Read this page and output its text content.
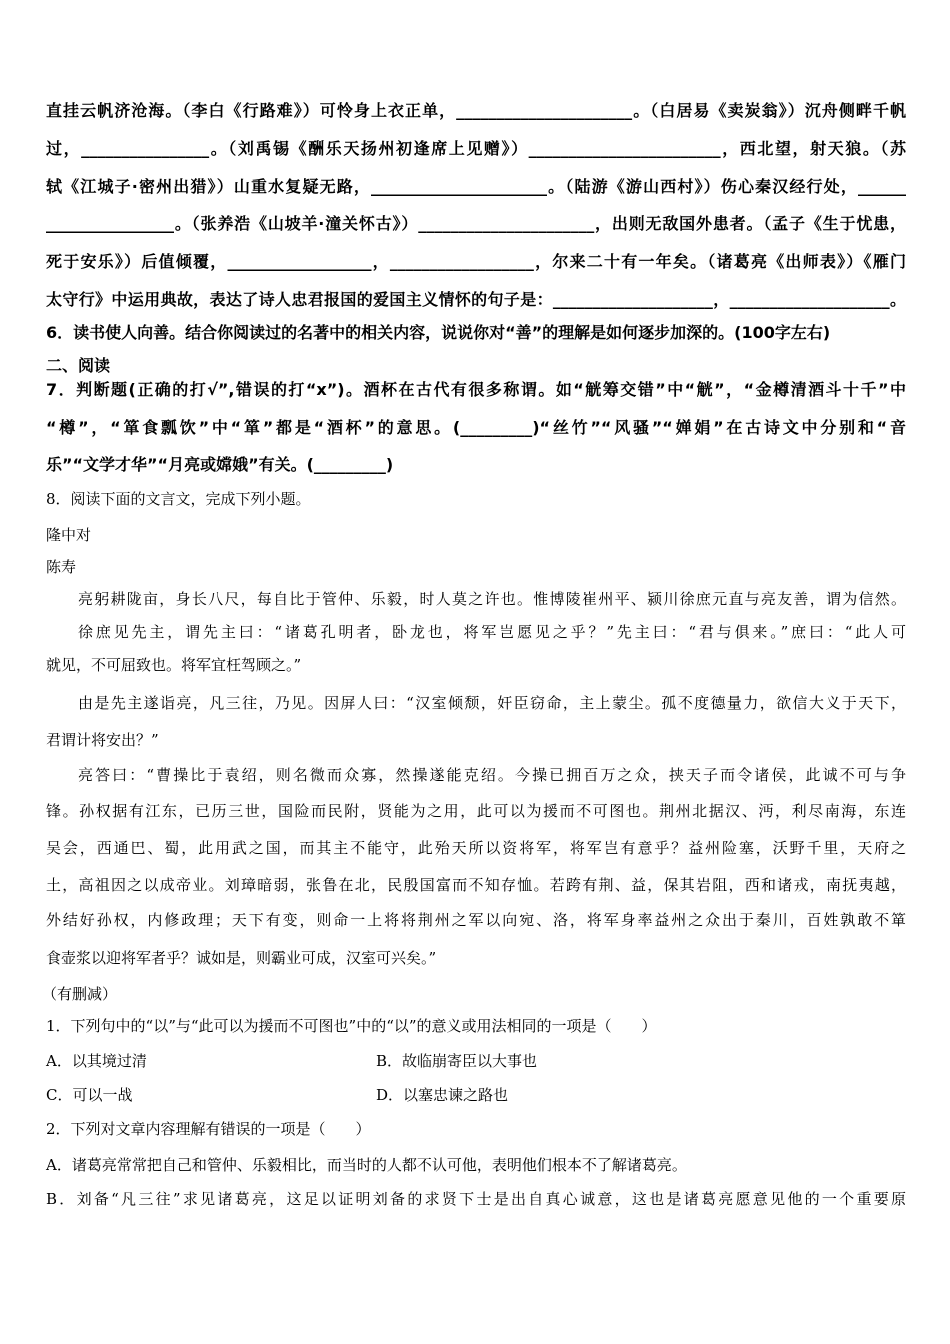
直挂云帆济沧海。（李白《行路难》）可怜身上衣正单，______________________。（白居易《卖炭翁》）沉舟侧畔千帆
过，________________。（刘禹锡《酬乐天扬州初逢席上见赠》）________________________，西北望，射天狼。（苏
轼《江城子·密州出猎》）山重水复疑无路，______________________。（陆游《游山西村》）伤心秦汉经行处，______
________________。（张养浩《山坡羊·潼关怀古》）______________________，出则无敌国外患者。（孟子《生于忧患，
死于安乐》）后值倾覆，__________________，__________________，尔来二十有一年矣。（诸葛亮《出师表》）《雁门
太守行》中运用典故，表达了诗人忠君报国的爱国主义情怀的句子是：____________________，____________________。
6．读书使人向善。结合你阅读过的名著中的相关内容，说说你对“善”的理解是如何逐步加深的。(100字左右)
二、阅读
7．判断题(正确的打√”,错误的打“x”)。酒杯在古代有很多称谓。如“觥筹交错”中“觥”，“金樽清酒斗十千”中
“樽”，“箪食瓢饮”中“箪”都是“酒杯”的意思。(_________)“丝竹”“风骚”“婵娟”在古诗文中分别和“音
乐”“文学才华”“月亮或嫦娥”有关。(_________)
8．阅读下面的文言文，完成下列小题。
隆中对
陈寿
亮躬耕陇亩，身长八尺，每自比于管仲、乐毅，时人莫之许也。惟博陵崔州平、颍川徐庶元直与亮友善，谓为信然。
徐庶见先主，谓先主曰：“诸葛孔明者，卧龙也，将军岂愿见之乎？”先主曰：“君与俱来。”庶曰：“此人可
就见，不可屈致也。将军宜枉驾顾之。”
由是先主遂诣亮，凡三往，乃见。因屏人曰：“汉室倾颓，奸臣窃命，主上蒙尘。孤不度德量力，欲信大义于天下，
君谓计将安出？”
亮答曰：“曹操比于袁绍，则名微而众寡，然操遂能克绍。今操已拥百万之众，挟天子而令诸侯，此诚不可与争
锋。孙权据有江东，已历三世，国险而民附，贤能为之用，此可以为援而不可图也。荆州北据汉、沔，利尽南海，东连
吴会，西通巴、蜀，此用武之国，而其主不能守，此殆天所以资将军，将军岂有意乎？益州险塞，沃野千里，天府之
土，高祖因之以成帝业。刘璋暗弱，张鲁在北，民殷国富而不知存恤。若跨有荆、益，保其岩阻，西和诸戎，南抚夷越，
外结好孙权，内修政理；天下有变，则命一上将将荆州之军以向宛、洛，将军身率益州之众出于秦川，百姓孰敢不箪
食壶浆以迎将军者乎？诚如是，则霸业可成，汉室可兴矣。”
（有删减）
1．下列句中的“以”与“此可以为援而不可图也”中的“以”的意义或用法相同的一项是（　　）
A．以其境过清	B．故临崩寄臣以大事也
C．可以一战	D．以塞忠谏之路也
2．下列对文章内容理解有错误的一项是（　　）
A．诸葛亮常常把自己和管仲、乐毅相比，而当时的人都不认可他，表明他们根本不了解诸葛亮。
B．刘备“凡三往”求见诸葛亮，这足以证明刘备的求贤下士是出自真心诚意，这也是诸葛亮愿意见他的一个重要原
